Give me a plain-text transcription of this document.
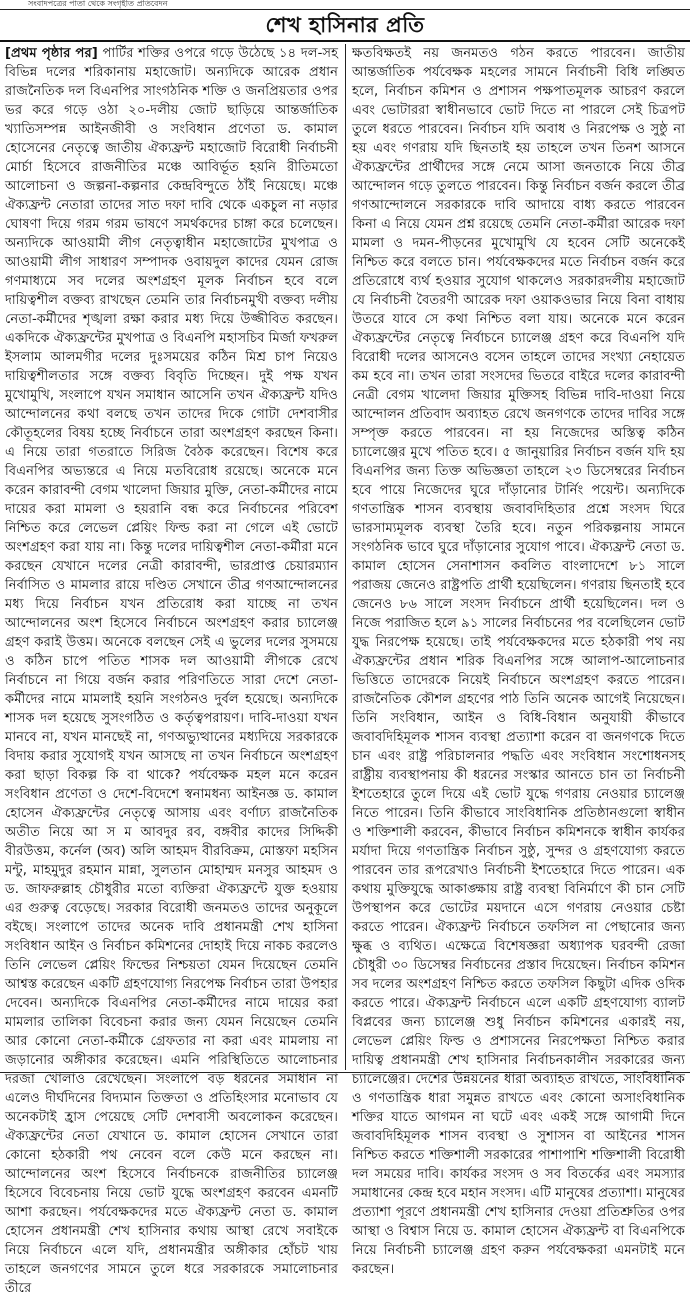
সংবাদপত্রের পাতা থেকে সংগৃহীত প্রতিবেদন
শেখ হাসিনার প্রতি

[প্রথম পৃষ্ঠার পর] পার্টির শক্তির ওপরে গড়ে উঠেছে ১৪ দল-সহ বিভিন্ন দলের শরিকানায় মহাজোট। অন্যদিকে আরেক প্রধান রাজনৈতিক দল বিএনপির সাংগঠনিক শক্তি ও জনপ্রিয়তার ওপর ভর করে গড়ে ওঠা ২০-দলীয় জোট ছাড়িয়ে আন্তর্জাতিক খ্যাতিসম্পন্ন আইনজীবী ও সংবিধান প্রণেতা ড. কামাল হোসেনের নেতৃত্বে জাতীয় ঐক্যফ্রন্ট মহাজোট বিরোধী নির্বাচনী মোর্চা হিসেবে রাজনীতির মঞ্চে আবির্ভূত হয়নি রীতিমতো আলোচনা ও জল্পনা-কল্পনার কেন্দ্রবিন্দুতে ঠাঁই নিয়েছে। মঞ্চে ঐক্যফ্রন্ট নেতারা তাদের সাত দফা দাবি থেকে একচুল না নড়ার ঘোষণা দিয়ে গরম গরম ভাষণে সমর্থকদের চাঙ্গা করে চলেছেন। অন্যদিকে আওয়ামী লীগ নেতৃত্বাধীন মহাজোটের মুখপাত্র ও আওয়ামী লীগ সাধারণ সম্পাদক ওবায়দুল কাদের যেমন রোজ গণমাধ্যমে সব দলের অংশগ্রহণ মূলক নির্বাচন হবে বলে দায়িত্বশীল বক্তব্য রাখছেন তেমনি তার নির্বাচনমুখী বক্তব্য দলীয় নেতা-কর্মীদের শৃঙ্খলা রক্ষা করার মধ্য দিয়ে উজ্জীবিত করছেন। একদিকে ঐক্যফ্রন্টের মুখপাত্র ও বিএনপি মহাসচিব মির্জা ফখরুল ইসলাম আলমগীর দলের দুঃসময়ের কঠিন মিশ্র চাপ নিয়েও দায়িত্বশীলতার সঙ্গে বক্তব্য বিবৃতি দিচ্ছেন। দুই পক্ষ যখন মুখোমুখি, সংলাপে যখন সমাধান আসেনি তখন ঐক্যফ্রন্ট যদিও আন্দোলনের কথা বলছে তখন তাদের দিকে গোটা দেশবাসীর কৌতূহলের বিষয় হচ্ছে নির্বাচনে তারা অংশগ্রহণ করছেন কিনা। এ নিয়ে তারা গতরাতে সিরিজ বৈঠক করেছেন। বিশেষ করে বিএনপির অভ্যন্তরে এ নিয়ে মতবিরোধ রয়েছে। অনেকে মনে করেন কারাবন্দী বেগম খালেদা জিয়ার মুক্তি, নেতা-কর্মীদের নামে দায়ের করা মামলা ও হয়রানি বন্ধ করে নির্বাচনের পরিবেশ নিশ্চিত করে লেভেল প্লেয়িং ফিল্ড করা না গেলে এই ভোটে অংশগ্রহণ করা যায় না। কিন্তু দলের দায়িত্বশীল নেতা-কর্মীরা মনে করছেন যেখানে দলের নেত্রী কারাবন্দী, ভারপ্রাপ্ত চেয়ারম্যান নির্বাসিত ও মামলার রায়ে দণ্ডিত সেখানে তীব্র গণআন্দোলনের মধ্য দিয়ে নির্বাচন যখন প্রতিরোধ করা যাচ্ছে না তখন আন্দোলনের অংশ হিসেবে নির্বাচনে অংশগ্রহণ করার চ্যালেঞ্জ গ্রহণ করাই উত্তম। অনেকে বলছেন সেই এ ভুলের দলের সুসময়ে ও কঠিন চাপে পতিত শাসক দল আওয়ামী লীগকে রেখে নির্বাচনে না গিয়ে বর্জন করার পরিণতিতে সারা দেশে নেতা-কর্মীদের নামে মামলাই হয়নি সংগঠনও দুর্বল হয়েছে। অন্যদিকে শাসক দল হয়েছে সুসংগঠিত ও কর্তৃত্বপরায়ণ। দাবি-দাওয়া যখন মানবে না, যখন মানছেই না, গণঅভ্যুত্থানের মধ্যদিয়ে সরকারকে বিদায় করার সুযোগই যখন আসছে না তখন নির্বাচনে অংশগ্রহণ করা ছাড়া বিকল্প কি বা থাকে? পর্যবেক্ষক মহল মনে করেন সংবিধান প্রণেতা ও দেশে-বিদেশে স্বনামধন্য আইনজ্ঞ ড. কামাল হোসেন ঐক্যফ্রন্টের নেতৃত্বে আসায় এবং বর্ণাঢ্য রাজনৈতিক অতীত নিয়ে আ স ম আবদুর রব, বঙ্গবীর কাদের সিদ্দিকী বীরউত্তম, কর্নেল (অব) অলি আহমদ বীরবিক্রম, মোস্তফা মহসিন মন্টু, মাহমুদুর রহমান মান্না, সুলতান মোহাম্মদ মনসুর আহমদ ও ড. জাফরুল্লাহ চৌধুরীর মতো ব্যক্তিরা ঐক্যফ্রন্টে যুক্ত হওয়ায় এর গুরুত্ব বেড়েছে। সরকার বিরোধী জনমতও তাদের অনুকূলে বইছে। সংলাপে তাদের অনেক দাবি প্রধানমন্ত্রী শেখ হাসিনা সংবিধান আইন ও নির্বাচন কমিশনের দোহাই দিয়ে নাকচ করলেও তিনি লেভেল প্লেয়িং ফিল্ডের নিশ্চয়তা যেমন দিয়েছেন তেমনি আশ্বস্ত করেছেন একটি গ্রহণযোগ্য নিরপেক্ষ নির্বাচন তারা উপহার দেবেন। অন্যদিকে বিএনপির নেতা-কর্মীদের নামে দায়ের করা মামলার তালিকা বিবেচনা করার জন্য যেমন নিয়েছেন তেমনি আর কোনো নেতা-কর্মীকে গ্রেফতার না করা এবং মামলায় না জড়ানোর অঙ্গীকার করেছেন। এমনি পরিস্থিতিতে আলোচনার দরজা খোলাও রেখেছেন। সংলাপে বড় ধরনের সমাধান না এলেও দীর্ঘদিনের বিদ্যমান তিক্ততা ও প্রতিহিংসার মনোভাব যে অনেকটাই হ্রাস পেয়েছে সেটি দেশবাসী অবলোকন করেছেন। ঐক্যফ্রন্টের নেতা যেখানে ড. কামাল হোসেন সেখানে তারা কোনো হঠকারী পথ নেবেন বলে কেউ মনে করছেন না। আন্দোলনের অংশ হিসেবে নির্বাচনকে রাজনীতির চ্যালেঞ্জ হিসেবে বিবেচনায় নিয়ে ভোট যুদ্ধে অংশগ্রহণ করবেন এমনটি আশা করছেন। পর্যবেক্ষকদের মতে ঐক্যফ্রন্ট নেতা ড. কামাল হোসেন প্রধানমন্ত্রী শেখ হাসিনার কথায় আস্থা রেখে সবাইকে নিয়ে নির্বাচনে এলে যদি, প্রধানমন্ত্রীর অঙ্গীকার হোঁচট খায় তাহলে জনগণের সামনে তুলে ধরে সরকারকে সমালোচনার তীরে

ক্ষতবিক্ষতই নয় জনমতও গঠন করতে পারবেন। জাতীয় আন্তর্জাতিক পর্যবেক্ষক মহলের সামনে নির্বাচনী বিধি লঙ্ঘিত হলে, নির্বাচন কমিশন ও প্রশাসন পক্ষপাতমূলক আচরণ করলে এবং ভোটাররা স্বাধীনভাবে ভোট দিতে না পারলে সেই চিত্রপট তুলে ধরতে পারবেন। নির্বাচন যদি অবাধ ও নিরপেক্ষ ও সুষ্ঠু না হয় এবং গণরায় যদি ছিনতাই হয় তাহলে তখন তিনশ আসনে ঐক্যফ্রন্টের প্রার্থীদের সঙ্গে নেমে আসা জনতাকে নিয়ে তীব্র আন্দোলন গড়ে তুলতে পারবেন। কিন্তু নির্বাচন বর্জন করলে তীব্র গণআন্দোলনে সরকারকে দাবি আদায়ে বাধ্য করতে পারবেন কিনা এ নিয়ে যেমন প্রশ্ন রয়েছে তেমনি নেতা-কর্মীরা আরেক দফা মামলা ও দমন-পীড়নের মুখোমুখি যে হবেন সেটি অনেকেই নিশ্চিত করে বলতে চান। পর্যবেক্ষকদের মতে নির্বাচন বর্জন করে প্রতিরোধে ব্যর্থ হওয়ার সুযোগ থাকলেও সরকারদলীয় মহাজোট যে নির্বাচনী বৈতরণী আরেক দফা ওয়াকওভার নিয়ে বিনা বাধায় উতরে যাবে সে কথা নিশ্চিত বলা যায়। অনেকে মনে করেন ঐক্যফ্রন্টের নেতৃত্বে নির্বাচনে চ্যালেঞ্জ গ্রহণ করে বিএনপি যদি বিরোধী দলের আসনেও বসেন তাহলে তাদের সংখ্যা নেহায়েত কম হবে না। তখন তারা সংসদের ভিতরে বাইরে দলের কারাবন্দী নেত্রী বেগম খালেদা জিয়ার মুক্তিসহ বিভিন্ন দাবি-দাওয়া নিয়ে আন্দোলন প্রতিবাদ অব্যাহত রেখে জনগণকে তাদের দাবির সঙ্গে সম্পৃক্ত করতে পারবেন। না হয় নিজেদের অস্তিত্ব কঠিন চ্যালেঞ্জের মুখে পতিত হবে। ৫ জানুয়ারির নির্বাচন বর্জন যদি হয় বিএনপির জন্য তিক্ত অভিজ্ঞতা তাহলে ২৩ ডিসেম্বরের নির্বাচন হবে পায়ে নিজেদের ঘুরে দাঁড়ানোর টার্নিং পয়েন্ট। অন্যদিকে গণতান্ত্রিক শাসন ব্যবস্থায় জবাবদিহিতার প্রশ্নে সংসদ ঘিরে ভারসাম্যমূলক ব্যবস্থা তৈরি হবে। নতুন পরিকল্পনায় সামনে সংগঠনিক ভাবে ঘুরে দাঁড়ানোর সুযোগ পাবে। ঐক্যফ্রন্ট নেতা ড. কামাল হোসেন সেনাশাসন কবলিত বাংলাদেশে ৮১ সালে পরাজয় জেনেও রাষ্ট্রপতি প্রার্থী হয়েছিলেন। গণরায় ছিনতাই হবে জেনেও ৮৬ সালে সংসদ নির্বাচনে প্রার্থী হয়েছিলেন। দল ও নিজে পরাজিত হলে ৯১ সালের নির্বাচনের পর বলেছিলেন ভোট যুদ্ধ নিরপেক্ষ হয়েছে। তাই পর্যবেক্ষকদের মতে হঠকারী পথ নয় ঐক্যফ্রন্টের প্রধান শরিক বিএনপির সঙ্গে আলাপ-আলোচনার ভিত্তিতে তাদেরকে নিয়েই নির্বাচনে অংশগ্রহণ করতে পারেন। রাজনৈতিক কৌশল গ্রহণের পাঠ তিনি অনেক আগেই নিয়েছেন। তিনি সংবিধান, আইন ও বিধি-বিধান অনুযায়ী কীভাবে জবাবদিহিমূলক শাসন ব্যবস্থা প্রত্যাশা করেন বা জনগণকে দিতে চান এবং রাষ্ট্র পরিচালনার পদ্ধতি এবং সংবিধান সংশোধনসহ রাষ্ট্রীয় ব্যবস্থাপনায় কী ধরনের সংস্কার আনতে চান তা নির্বাচনী ইশতেহারে তুলে দিয়ে এই ভোট যুদ্ধে গণরায় নেওয়ার চ্যালেঞ্জ নিতে পারেন। তিনি কীভাবে সাংবিধানিক প্রতিষ্ঠানগুলো স্বাধীন ও শক্তিশালী করবেন, কীভাবে নির্বাচন কমিশনকে স্বাধীন কার্যকর মর্যাদা দিয়ে গণতান্ত্রিক নির্বাচন সুষ্ঠু, সুন্দর ও গ্রহণযোগ্য করতে পারবেন তার রূপরেখাও নির্বাচনী ইশতেহারে দিতে পারেন। এক কথায় মুক্তিযুদ্ধে আকাঙ্ক্ষায় রাষ্ট্র ব্যবস্থা বিনির্মাণে কী চান সেটি উপস্থাপন করে ভোটের ময়দানে এসে গণরায় নেওয়ার চেষ্টা করতে পারেন। ঐক্যফ্রন্ট নির্বাচনে তফসিল না পেছানোর জন্য ক্ষুব্ধ ও ব্যথিত। এক্ষেত্রে বিশেষজ্ঞরা অধ্যাপক ঘরবন্দী রেজা চৌধুরী ৩০ ডিসেম্বর নির্বাচনের প্রস্তাব দিয়েছেন। নির্বাচন কমিশন সব দলের অংশগ্রহণ নিশ্চিত করতে তফসিল কিছুটা এদিক ওদিক করতে পারে। ঐক্যফ্রন্ট নির্বাচনে এলে একটি গ্রহণযোগ্য ব্যালট বিপ্লবের জন্য চ্যালেঞ্জ শুধু নির্বাচন কমিশনের একারই নয়, লেভেল প্লেয়িং ফিল্ড ও প্রশাসনের নিরপেক্ষতা নিশ্চিত করার দায়িত্ব প্রধানমন্ত্রী শেখ হাসিনার নির্বাচনকালীন সরকারের জন্য চ্যালেঞ্জের। দেশের উন্নয়নের ধারা অব্যাহত রাখতে, সাংবিধানিক ও গণতান্ত্রিক ধারা সমুন্নত রাখতে এবং কোনো অসাংবিধানিক শক্তির যাতে আগমন না ঘটে এবং একই সঙ্গে আগামী দিনে জবাবদিহিমূলক শাসন ব্যবস্থা ও সুশাসন বা আইনের শাসন নিশ্চিত করতে শক্তিশালী সরকারের পাশাপাশি শক্তিশালী বিরোধী দল সময়ের দাবি। কার্যকর সংসদ ও সব বিতর্কের এবং সমস্যার সমাধানের কেন্দ্র হবে মহান সংসদ। এটি মানুষের প্রত্যাশা। মানুষের প্রত্যাশা পূরণে প্রধানমন্ত্রী শেখ হাসিনার দেওয়া প্রতিশ্রুতির ওপর আস্থা ও বিশ্বাস নিয়ে ড. কামাল হোসেন ঐক্যফ্রন্ট বা বিএনপিকে নিয়ে নির্বাচনী চ্যালেঞ্জ গ্রহণ করুন পর্যবেক্ষকরা এমনটাই মনে করছেন।
